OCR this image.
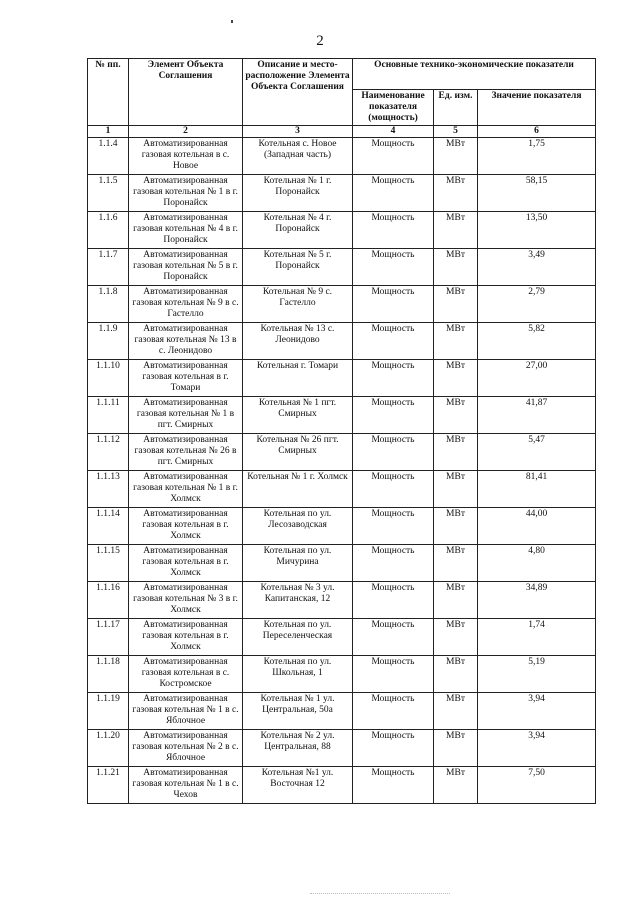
2
№ пп.	Элемент Объекта Соглашения	Описание и место-расположение Элемента Объекта Соглашения	Основные технико-экономические показатели		
			Наименование показателя (мощность)	Ед. изм.	Значение показателя
1	2	3	4	5	6
1.1.4	Автоматизированная газовая котельная в с. Новое	Котельная с. Новое (Западная часть)	Мощность	МВт	1,75
1.1.5	Автоматизированная газовая котельная № 1 в г. Поронайск	Котельная № 1 г. Поронайск	Мощность	МВт	58,15
1.1.6	Автоматизированная газовая котельная № 4 в г. Поронайск	Котельная № 4 г. Поронайск	Мощность	МВт	13,50
1.1.7	Автоматизированная газовая котельная № 5 в г. Поронайск	Котельная № 5 г. Поронайск	Мощность	МВт	3,49
1.1.8	Автоматизированная газовая котельная № 9 в с. Гастелло	Котельная № 9 с. Гастелло	Мощность	МВт	2,79
1.1.9	Автоматизированная газовая котельная № 13 в с. Леонидово	Котельная № 13 с. Леонидово	Мощность	МВт	5,82
1.1.10	Автоматизированная газовая котельная в г. Томари	Котельная г. Томари	Мощность	МВт	27,00
1.1.11	Автоматизированная газовая котельная № 1 в пгт. Смирных	Котельная № 1 пгт. Смирных	Мощность	МВт	41,87
1.1.12	Автоматизированная газовая котельная № 26 в пгт. Смирных	Котельная № 26 пгт. Смирных	Мощность	МВт	5,47
1.1.13	Автоматизированная газовая котельная № 1 в г. Холмск	Котельная № 1 г. Холмск	Мощность	МВт	81,41
1.1.14	Автоматизированная газовая котельная в г. Холмск	Котельная по ул. Лесозаводская	Мощность	МВт	44,00
1.1.15	Автоматизированная газовая котельная в г. Холмск	Котельная по ул. Мичурина	Мощность	МВт	4,80
1.1.16	Автоматизированная газовая котельная № 3 в г. Холмск	Котельная № 3 ул. Капитанская, 12	Мощность	МВт	34,89
1.1.17	Автоматизированная газовая котельная в г. Холмск	Котельная по ул. Переселенческая	Мощность	МВт	1,74
1.1.18	Автоматизированная газовая котельная в с. Костромское	Котельная по ул. Школьная, 1	Мощность	МВт	5,19
1.1.19	Автоматизированная газовая котельная № 1 в с. Яблочное	Котельная № 1 ул. Центральная, 50а	Мощность	МВт	3,94
1.1.20	Автоматизированная газовая котельная № 2 в с. Яблочное	Котельная № 2 ул. Центральная, 88	Мощность	МВт	3,94
1.1.21	Автоматизированная газовая котельная № 1 в с. Чехов	Котельная №1 ул. Восточная 12	Мощность	МВт	7,50
